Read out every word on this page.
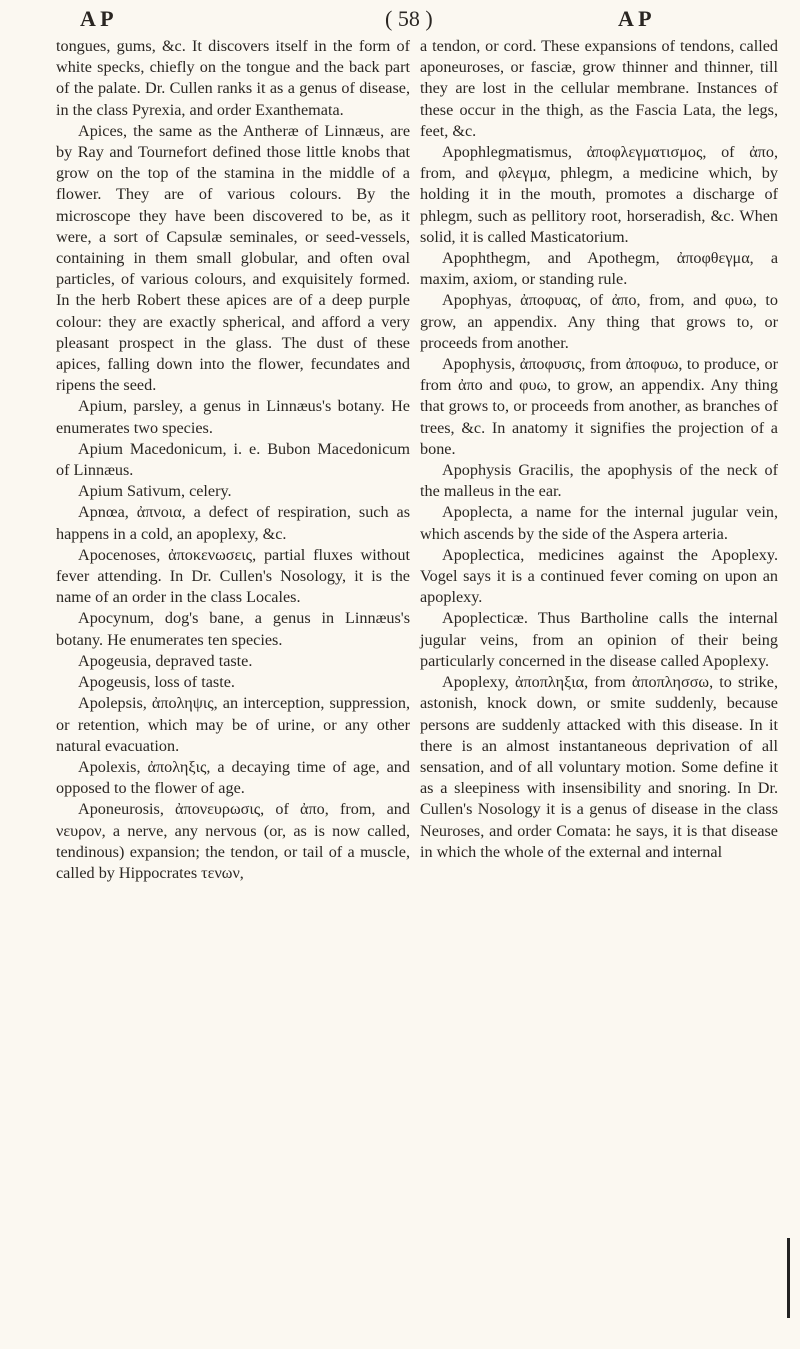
A P	( 58 )	A P

tongues, gums, &c. It discovers itself in the form of white specks, chiefly on the tongue and the back part of the palate. Dr. Cullen ranks it as a genus of disease, in the class Pyrexia, and order Exanthemata.

Apices, the same as the Antheræ of Linnæus, are by Ray and Tournefort defined those little knobs that grow on the top of the stamina in the middle of a flower. They are of various colours. By the microscope they have been discovered to be, as it were, a sort of Capsulæ seminales, or seed-vessels, containing in them small globular, and often oval particles, of various colours, and exquisitely formed. In the herb Robert these apices are of a deep purple colour: they are exactly spherical, and afford a very pleasant prospect in the glass. The dust of these apices, falling down into the flower, fecundates and ripens the seed.

Apium, parsley, a genus in Linnæus's botany. He enumerates two species.

Apium Macedonicum, i. e. Bubon Macedonicum of Linnæus.

Apium Sativum, celery.

Apnœa, ἀπνοια, a defect of respiration, such as happens in a cold, an apoplexy, &c.

Apocenoses, ἀποκενωσεις, partial fluxes without fever attending. In Dr. Cullen's Nosology, it is the name of an order in the class Locales.

Apocynum, dog's bane, a genus in Linnæus's botany. He enumerates ten species.

Apogeusia, depraved taste.

Apogeusis, loss of taste.

Apolepsis, ἀποληψις, an interception, suppression, or retention, which may be of urine, or any other natural evacuation.

Apolexis, ἀποληξις, a decaying time of age, and opposed to the flower of age.

Aponeurosis, ἀπονευρωσις, of ἀπο, from, and νευρον, a nerve, any nervous (or, as is now called, tendinous) expansion; the tendon, or tail of a muscle, called by Hippocrates τενων,

a tendon, or cord. These expansions of tendons, called aponeuroses, or fasciæ, grow thinner and thinner, till they are lost in the cellular membrane. Instances of these occur in the thigh, as the Fascia Lata, the legs, feet, &c.

Apophlegmatismus, ἀποφλεγματισμος, of ἀπο, from, and φλεγμα, phlegm, a medicine which, by holding it in the mouth, promotes a discharge of phlegm, such as pellitory root, horseradish, &c. When solid, it is called Masticatorium.

Apophthegm, and Apothegm, ἀποφθεγμα, a maxim, axiom, or standing rule.

Apophyas, ἀποφυας, of ἀπο, from, and φυω, to grow, an appendix. Any thing that grows to, or proceeds from another.

Apophysis, ἀποφυσις, from ἀποφυω, to produce, or from ἀπο and φυω, to grow, an appendix. Any thing that grows to, or proceeds from another, as branches of trees, &c. In anatomy it signifies the projection of a bone.

Apophysis Gracilis, the apophysis of the neck of the malleus in the ear.

Apoplecta, a name for the internal jugular vein, which ascends by the side of the Aspera arteria.

Apoplectica, medicines against the Apoplexy. Vogel says it is a continued fever coming on upon an apoplexy.

Apoplecticæ. Thus Bartholine calls the internal jugular veins, from an opinion of their being particularly concerned in the disease called Apoplexy.

Apoplexy, ἀποπληξια, from ἀποπλησσω, to strike, astonish, knock down, or smite suddenly, because persons are suddenly attacked with this disease. In it there is an almost instantaneous deprivation of all sensation, and of all voluntary motion. Some define it as a sleepiness with insensibility and snoring. In Dr. Cullen's Nosology it is a genus of disease in the class Neuroses, and order Comata: he says, it is that disease in which the whole of the external and internal
